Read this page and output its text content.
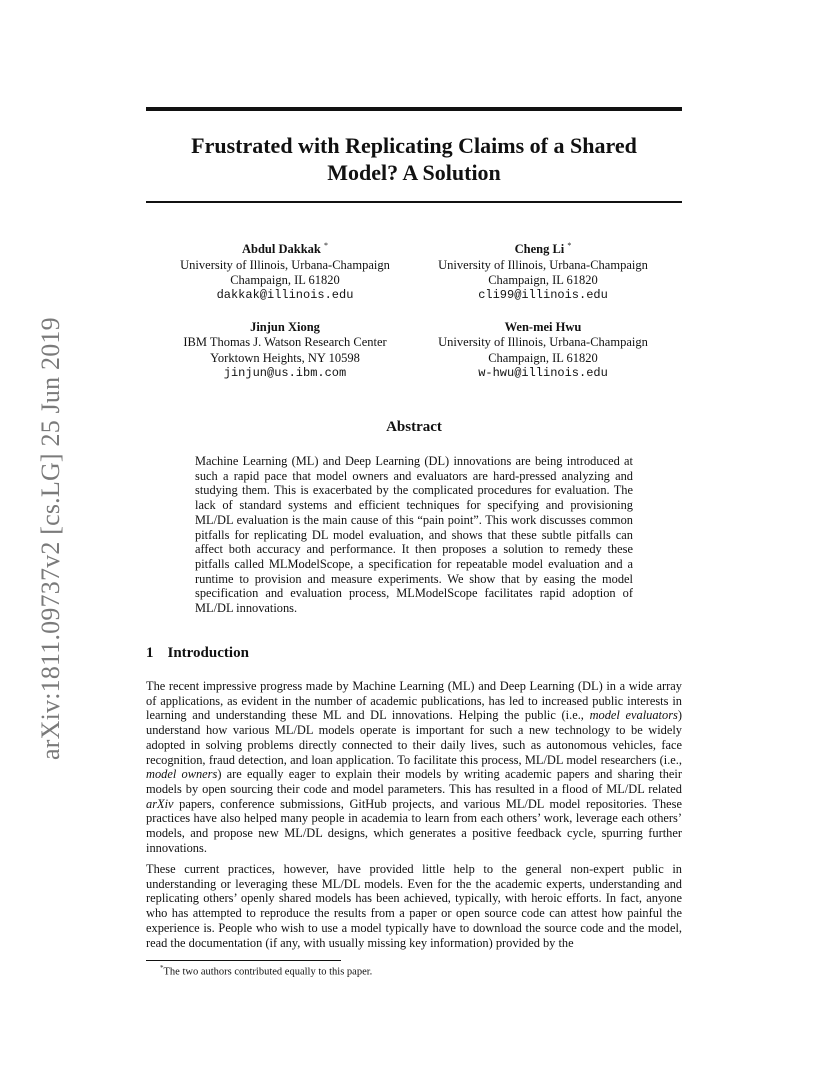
arXiv:1811.09737v2 [cs.LG] 25 Jun 2019
Frustrated with Replicating Claims of a Shared
Model? A Solution
Abdul Dakkak *
University of Illinois, Urbana-Champaign
Champaign, IL 61820
dakkak@illinois.edu
Cheng Li *
University of Illinois, Urbana-Champaign
Champaign, IL 61820
cli99@illinois.edu
Jinjun Xiong
IBM Thomas J. Watson Research Center
Yorktown Heights, NY 10598
jinjun@us.ibm.com
Wen-mei Hwu
University of Illinois, Urbana-Champaign
Champaign, IL 61820
w-hwu@illinois.edu
Abstract

Machine Learning (ML) and Deep Learning (DL) innovations are being introduced at such a rapid pace that model owners and evaluators are hard-pressed analyzing and studying them. This is exacerbated by the complicated procedures for evaluation. The lack of standard systems and efficient techniques for specifying and provisioning ML/DL evaluation is the main cause of this “pain point”. This work discusses common pitfalls for replicating DL model evaluation, and shows that these subtle pitfalls can affect both accuracy and performance. It then proposes a solution to remedy these pitfalls called MLModelScope, a specification for repeatable model evaluation and a runtime to provision and measure experiments. We show that by easing the model specification and evaluation process, MLModelScope facilitates rapid adoption of ML/DL innovations.

1 Introduction

The recent impressive progress made by Machine Learning (ML) and Deep Learning (DL) in a wide array of applications, as evident in the number of academic publications, has led to increased public interests in learning and understanding these ML and DL innovations. Helping the public (i.e., model evaluators) understand how various ML/DL models operate is important for such a new technology to be widely adopted in solving problems directly connected to their daily lives, such as autonomous vehicles, face recognition, fraud detection, and loan application. To facilitate this process, ML/DL model researchers (i.e., model owners) are equally eager to explain their models by writing academic papers and sharing their models by open sourcing their code and model parameters. This has resulted in a flood of ML/DL related arXiv papers, conference submissions, GitHub projects, and various ML/DL model repositories. These practices have also helped many people in academia to learn from each others’ work, leverage each others’ models, and propose new ML/DL designs, which generates a positive feedback cycle, spurring further innovations.

These current practices, however, have provided little help to the general non-expert public in understanding or leveraging these ML/DL models. Even for the the academic experts, understanding and replicating others’ openly shared models has been achieved, typically, with heroic efforts. In fact, anyone who has attempted to reproduce the results from a paper or open source code can attest how painful the experience is. People who wish to use a model typically have to download the source code and the model, read the documentation (if any, with usually missing key information) provided by the

*The two authors contributed equally to this paper.
